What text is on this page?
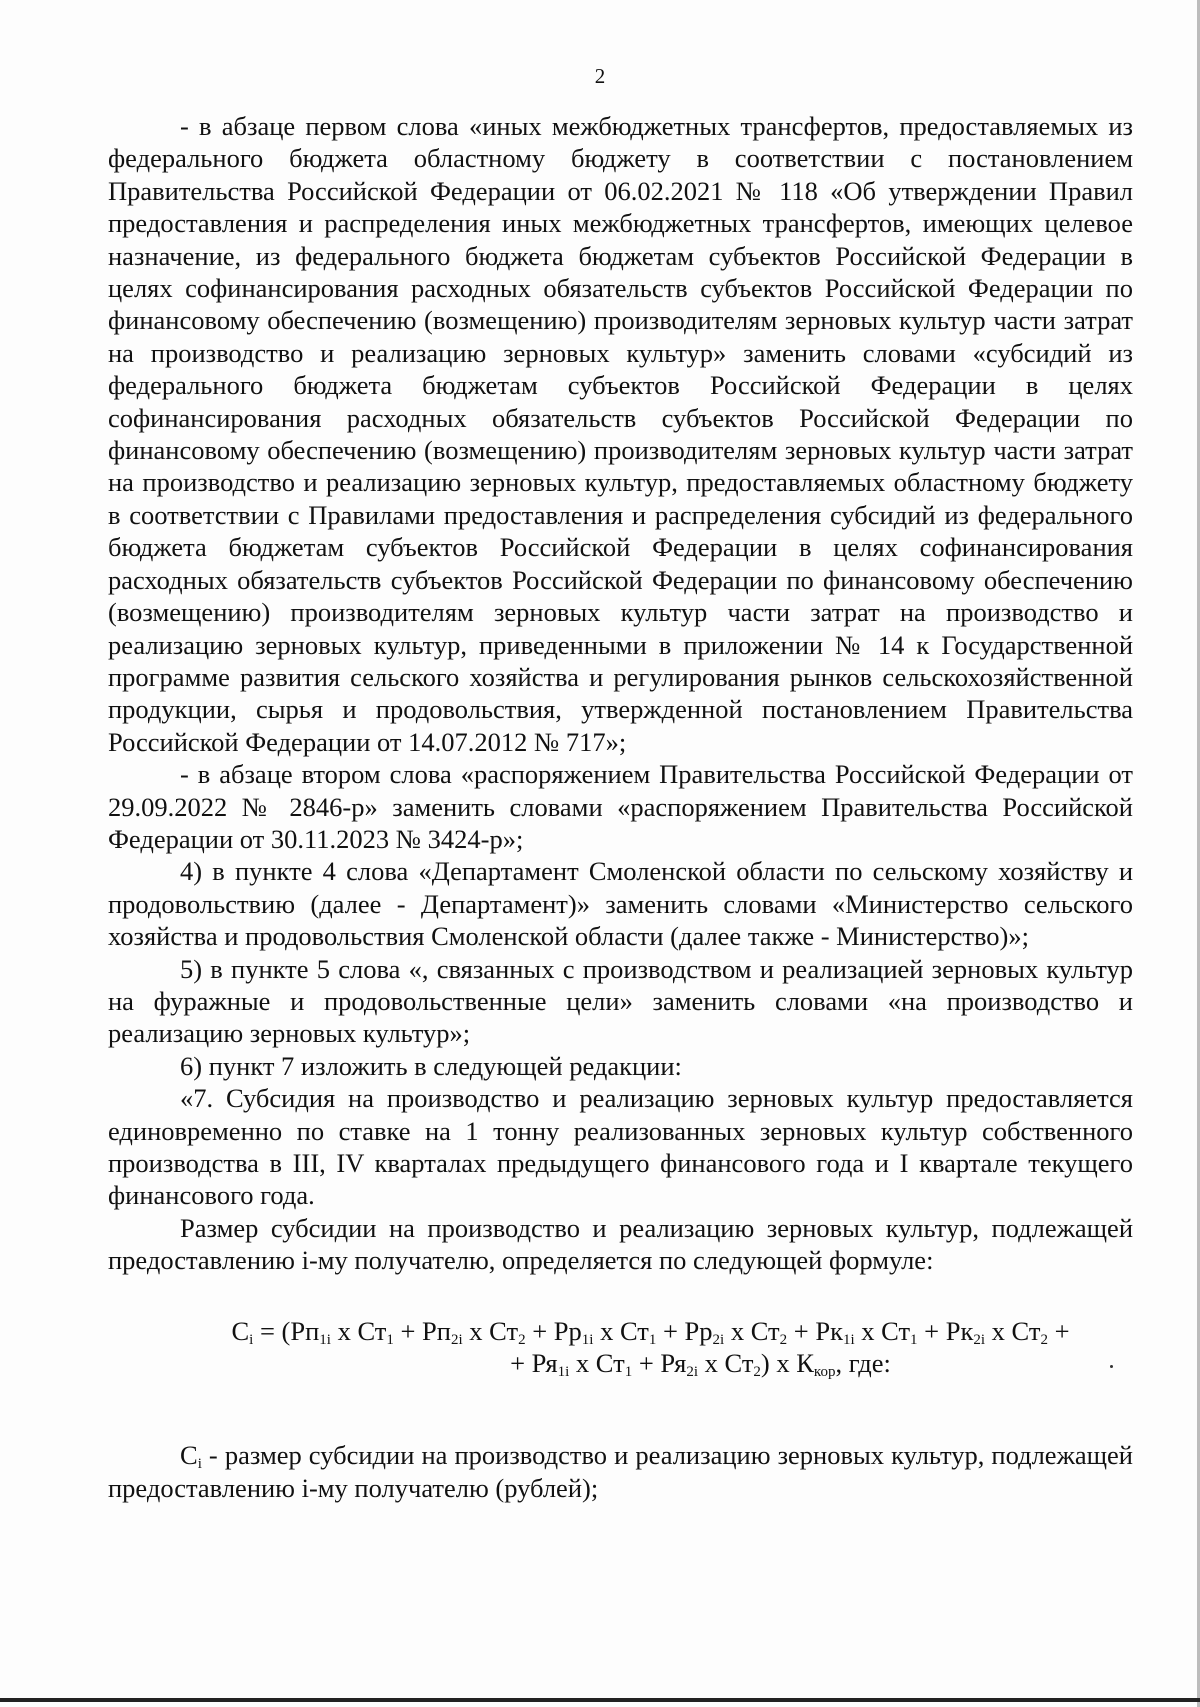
2

- в абзаце первом слова «иных межбюджетных трансфертов, предоставляемых из федерального бюджета областному бюджету в соответствии с постановлением Правительства Российской Федерации от 06.02.2021 № 118 «Об утверждении Правил предоставления и распределения иных межбюджетных трансфертов, имеющих целевое назначение, из федерального бюджета бюджетам субъектов Российской Федерации в целях софинансирования расходных обязательств субъектов Российской Федерации по финансовому обеспечению (возмещению) производителям зерновых культур части затрат на производство и реализацию зерновых культур» заменить словами «субсидий из федерального бюджета бюджетам субъектов Российской Федерации в целях софинансирования расходных обязательств субъектов Российской Федерации по финансовому обеспечению (возмещению) производителям зерновых культур части затрат на производство и реализацию зерновых культур, предоставляемых областному бюджету в соответствии с Правилами предоставления и распределения субсидий из федерального бюджета бюджетам субъектов Российской Федерации в целях софинансирования расходных обязательств субъектов Российской Федерации по финансовому обеспечению (возмещению) производителям зерновых культур части затрат на производство и реализацию зерновых культур, приведенными в приложении № 14 к Государственной программе развития сельского хозяйства и регулирования рынков сельскохозяйственной продукции, сырья и продовольствия, утвержденной постановлением Правительства Российской Федерации от 14.07.2012 № 717»;

- в абзаце втором слова «распоряжением Правительства Российской Федерации от 29.09.2022 № 2846-р» заменить словами «распоряжением Правительства Российской Федерации от 30.11.2023 № 3424-р»;

4) в пункте 4 слова «Департамент Смоленской области по сельскому хозяйству и продовольствию (далее - Департамент)» заменить словами «Министерство сельского хозяйства и продовольствия Смоленской области (далее также - Министерство)»;

5) в пункте 5 слова «, связанных с производством и реализацией зерновых культур на фуражные и продовольственные цели» заменить словами «на производство и реализацию зерновых культур»;

6) пункт 7 изложить в следующей редакции:

«7. Субсидия на производство и реализацию зерновых культур предоставляется единовременно по ставке на 1 тонну реализованных зерновых культур собственного производства в III, IV кварталах предыдущего финансового года и I квартале текущего финансового года.

Размер субсидии на производство и реализацию зерновых культур, подлежащей предоставлению i-му получателю, определяется по следующей формуле:

$C_i = (Рп_{1i}$ x $Ст_1 + Рп_{2i}$ x $Ст_2 + Рр_{1i}$ x $Ст_1 + Рр_{2i}$ x $Ст_2 + Рк_{1i}$ x $Ст_1 + Рк_{2i}$ x $Ст_2$ +
+ $Ря_{1i}$ x $Ст_1 + Ря_{2i}$ x $Ст_2$) x $К_{кор}$, где:

$C_i$ - размер субсидии на производство и реализацию зерновых культур, подлежащей предоставлению i-му получателю (рублей);
